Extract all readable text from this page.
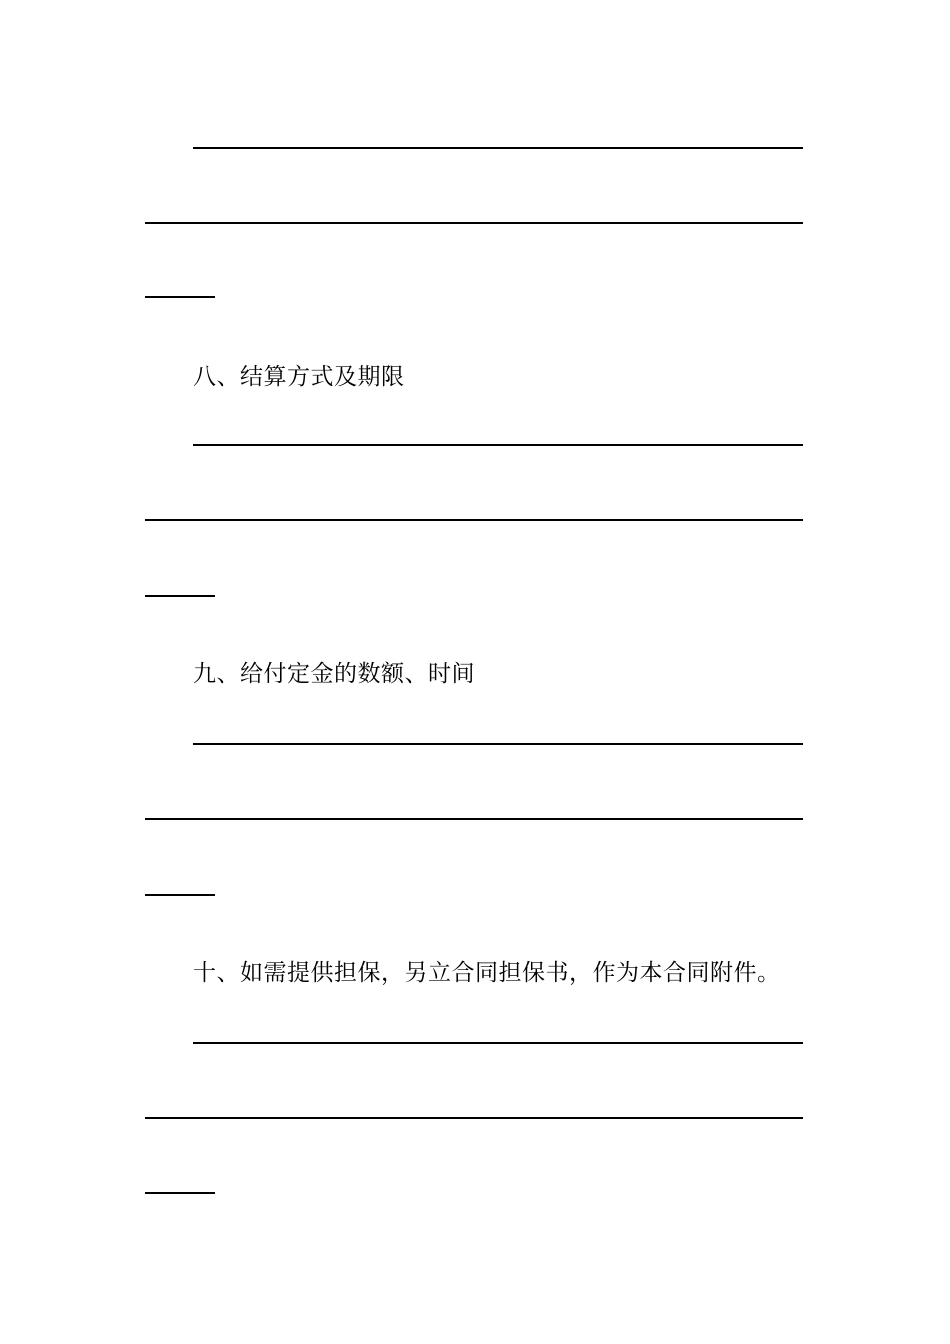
八、结算方式及期限
九、给付定金的数额、时间
十、如需提供担保，另立合同担保书，作为本合同附件。
